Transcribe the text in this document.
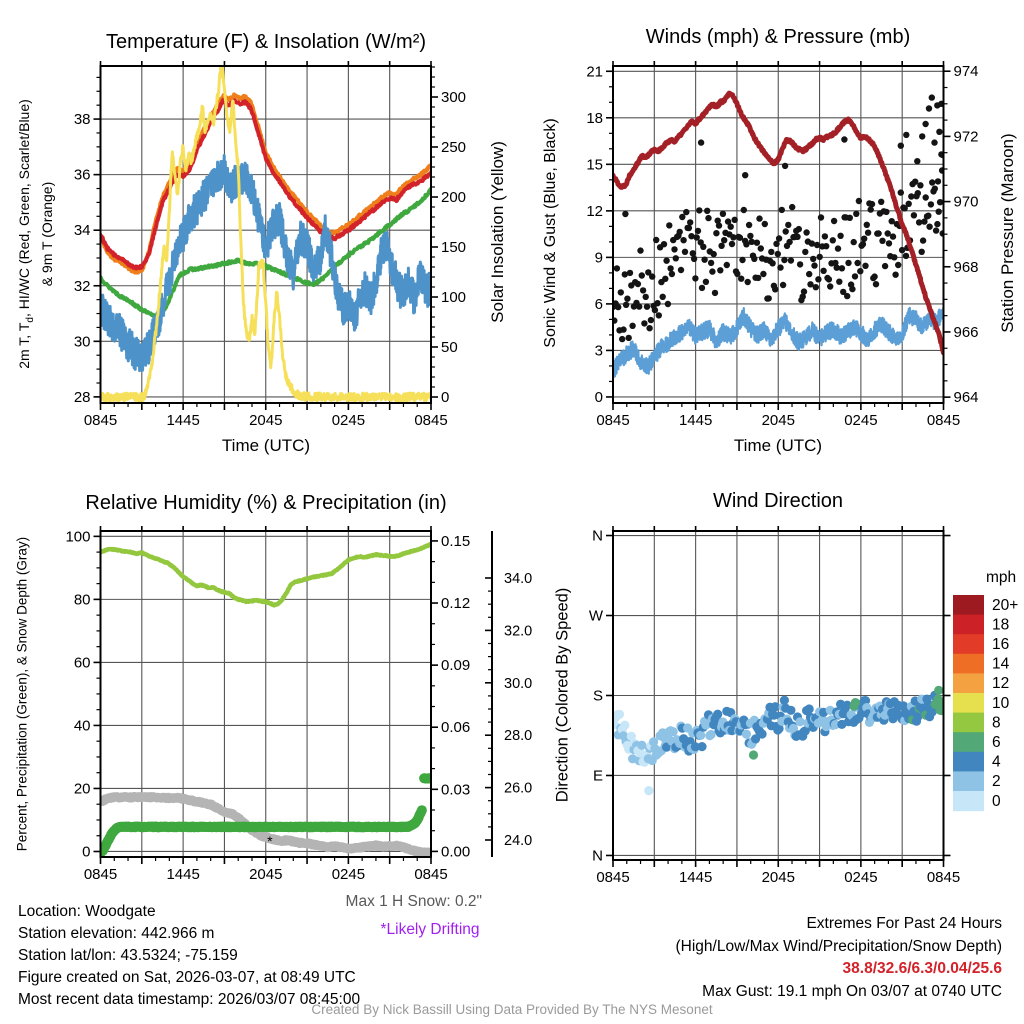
0845	1445	2045	0245	0845
28
30
32
34
36
38
0
50
100
150
200
250
300
0845	1445	2045	0245	0845
0
3
6
9
12
15
18
21
964
966
968
970
972
974
*
0845	1445	2045	0245	0845
0
20
40
60
80
100
0.00
0.03
0.06
0.09
0.12
0.15
24.0
26.0
28.0
30.0
32.0
34.0
0845	1445	2045	0245	0845
N
E
S
W
N
20+
18
16
14
12
10
8
6
4
2
0
Temperature (F) & Insolation (W/m²)	Winds (mph) & Pressure (mb)
Relative Humidity (%) & Precipitation (in)	Wind Direction
2m T, $T_d$, HI/WC (Red, Green, Scarlet/Blue) & 9m T (Orange)	Solar Insolation (Yellow) Sonic Wind & Gust (Blue, Black)	Station Pressure (Maroon)
Percent, Precipitation (Green), & Snow Depth (Gray)	Direction (Colored By Speed)
Time (UTC)	Time (UTC)
mph
Location: Woodgate
Station elevation: 442.966 m
Station lat/lon: 43.5324; -75.159
Figure created on Sat, 2026-03-07, at 08:49 UTC
Most recent data timestamp: 2026/03/07 08:45:00
Max 1 H Snow: 0.2"
*Likely Drifting	Extremes For Past 24 Hours
(High/Low/Max Wind/Precipitation/Snow Depth)
38.8/32.6/6.3/0.04/25.6
Max Gust: 19.1 mph On 03/07 at 0740 UTC
Created By Nick Bassill Using Data Provided By The NYS Mesonet
